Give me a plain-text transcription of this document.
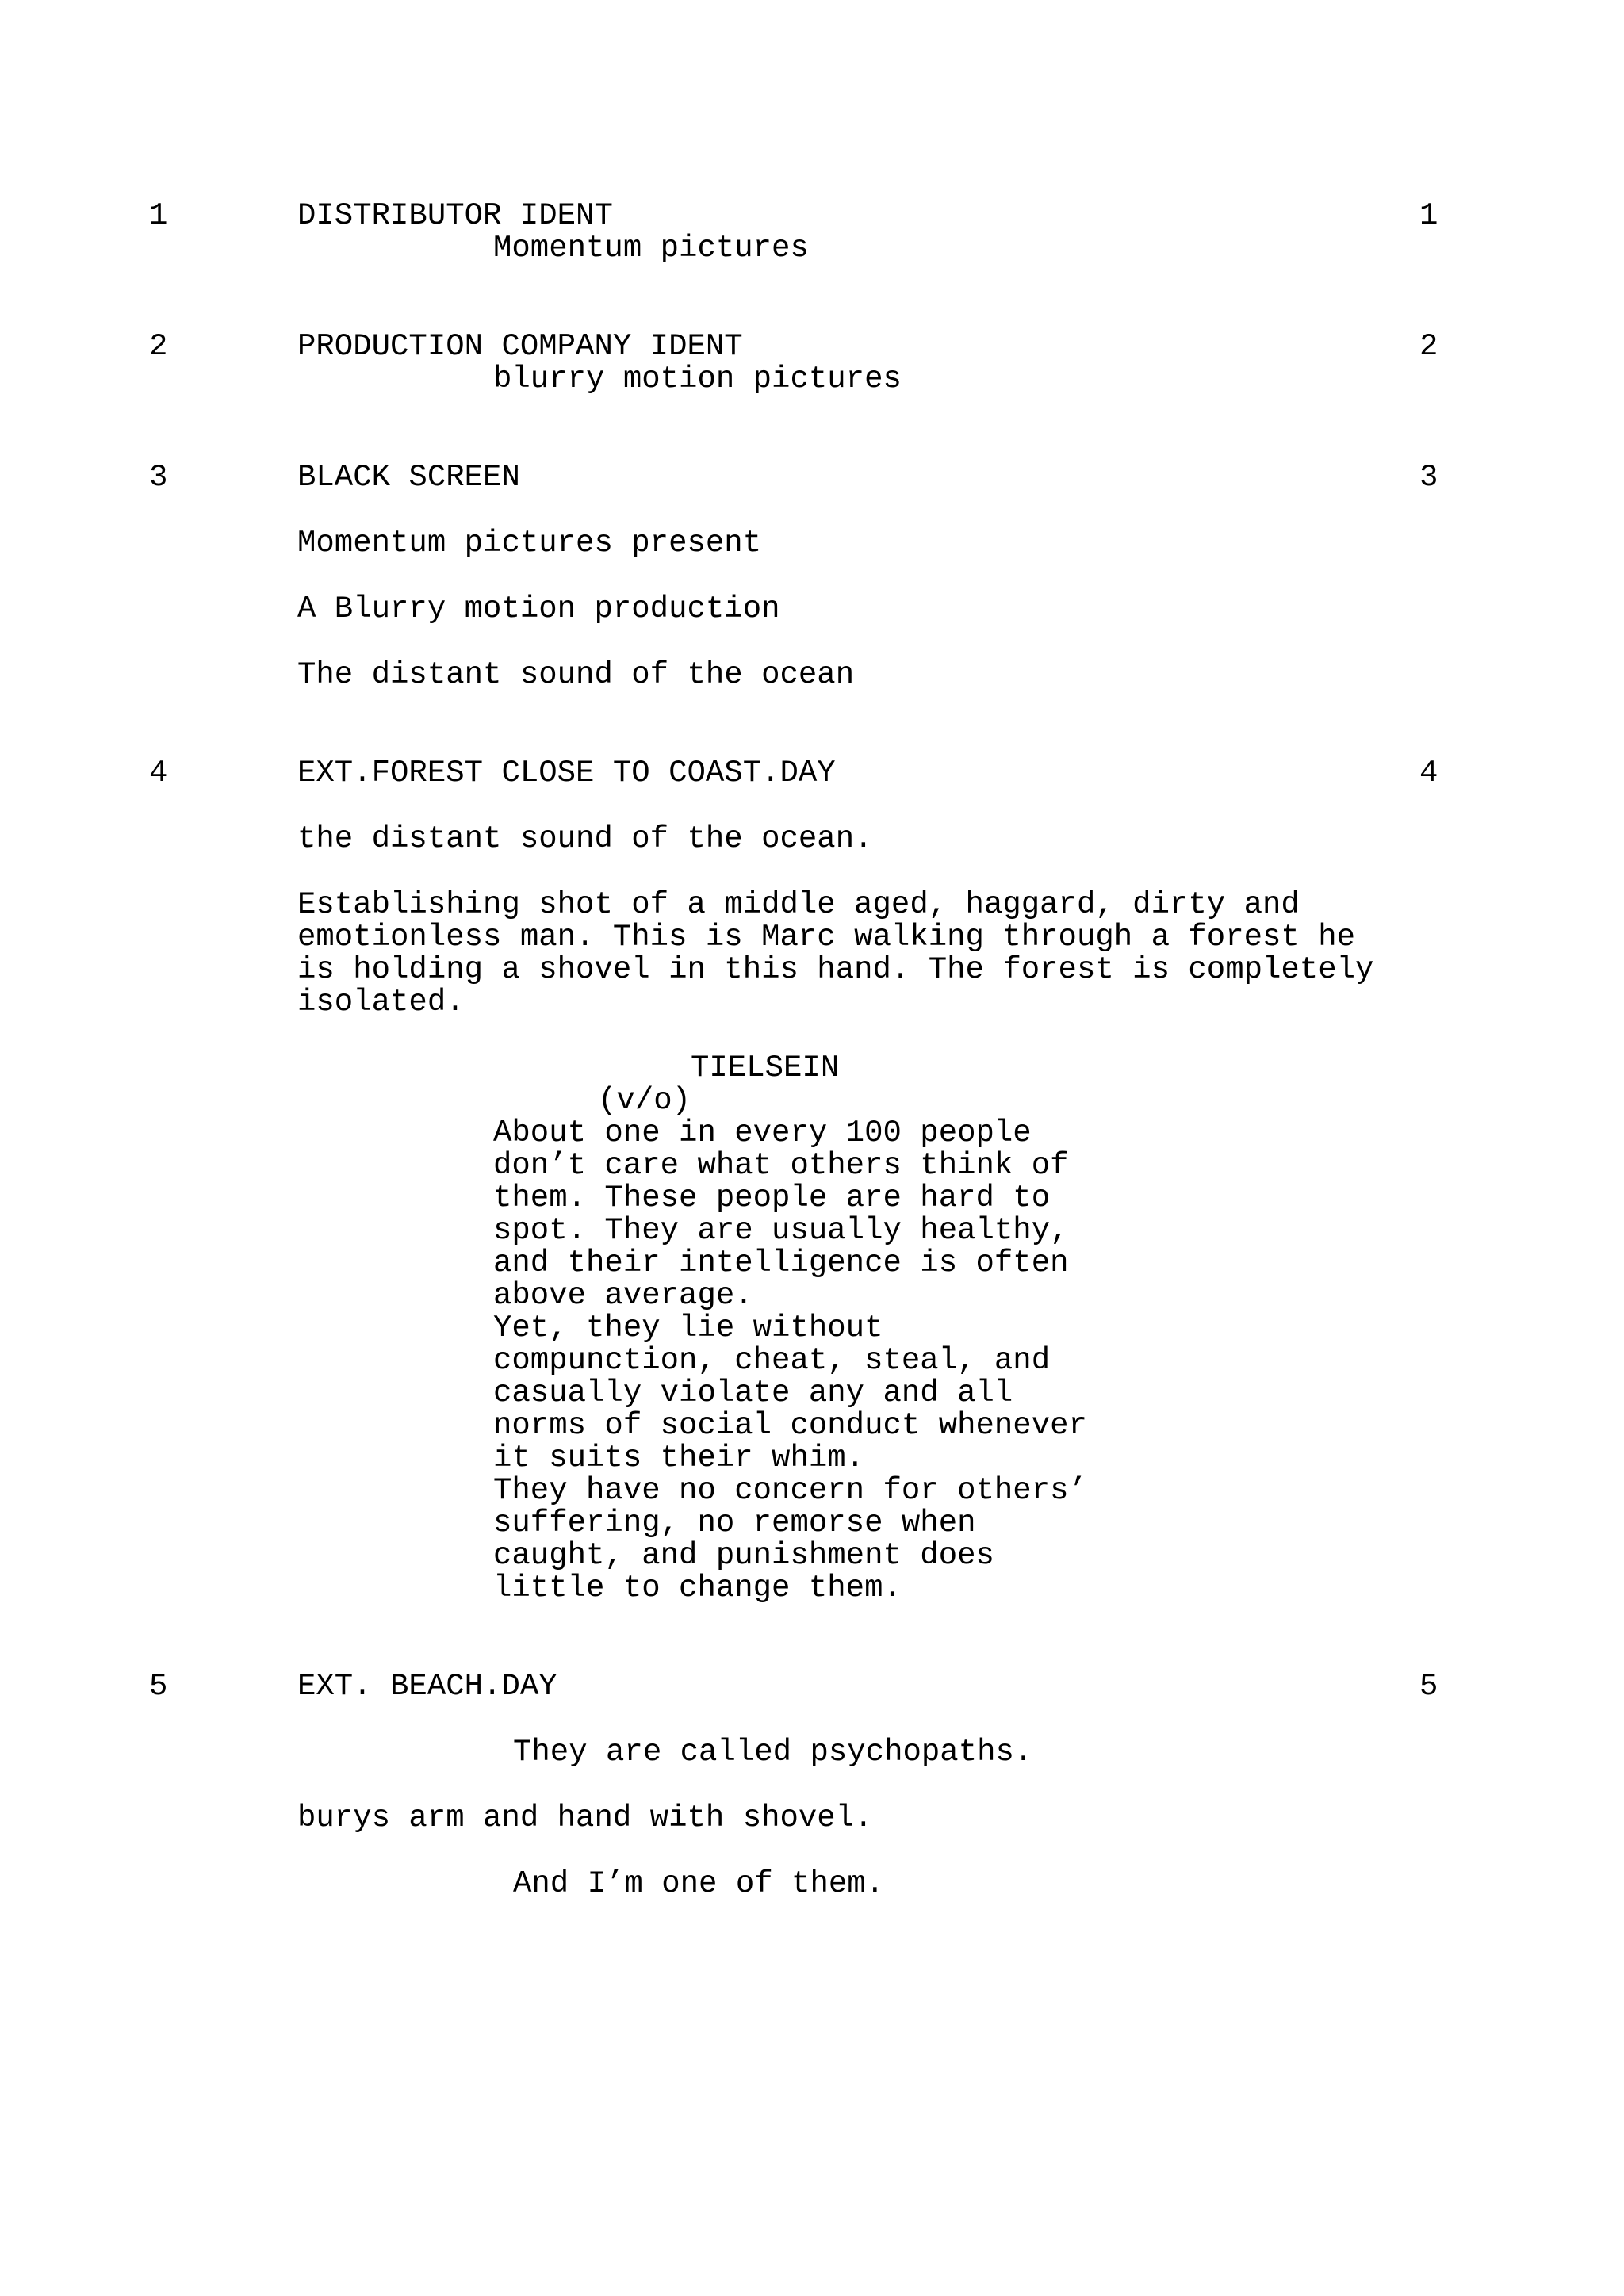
1	DISTRIBUTOR IDENT	1
Momentum pictures
2	PRODUCTION COMPANY IDENT	2
blurry motion pictures
3	BLACK SCREEN	3
Momentum pictures present
A Blurry motion production
The distant sound of the ocean
4	EXT.FOREST CLOSE TO COAST.DAY	4
the distant sound of the ocean.
Establishing shot of a middle aged, haggard, dirty and
emotionless man. This is Marc walking through a forest he
is holding a shovel in this hand. The forest is completely
isolated.
TIELSEIN
(v/o)
About one in every 100 people
don’t care what others think of
them. These people are hard to
spot. They are usually healthy,
and their intelligence is often
above average.
Yet, they lie without
compunction, cheat, steal, and
casually violate any and all
norms of social conduct whenever
it suits their whim.
They have no concern for others’
suffering, no remorse when
caught, and punishment does
little to change them.
5	EXT. BEACH.DAY	5
They are called psychopaths.
burys arm and hand with shovel.
And I’m one of them.
